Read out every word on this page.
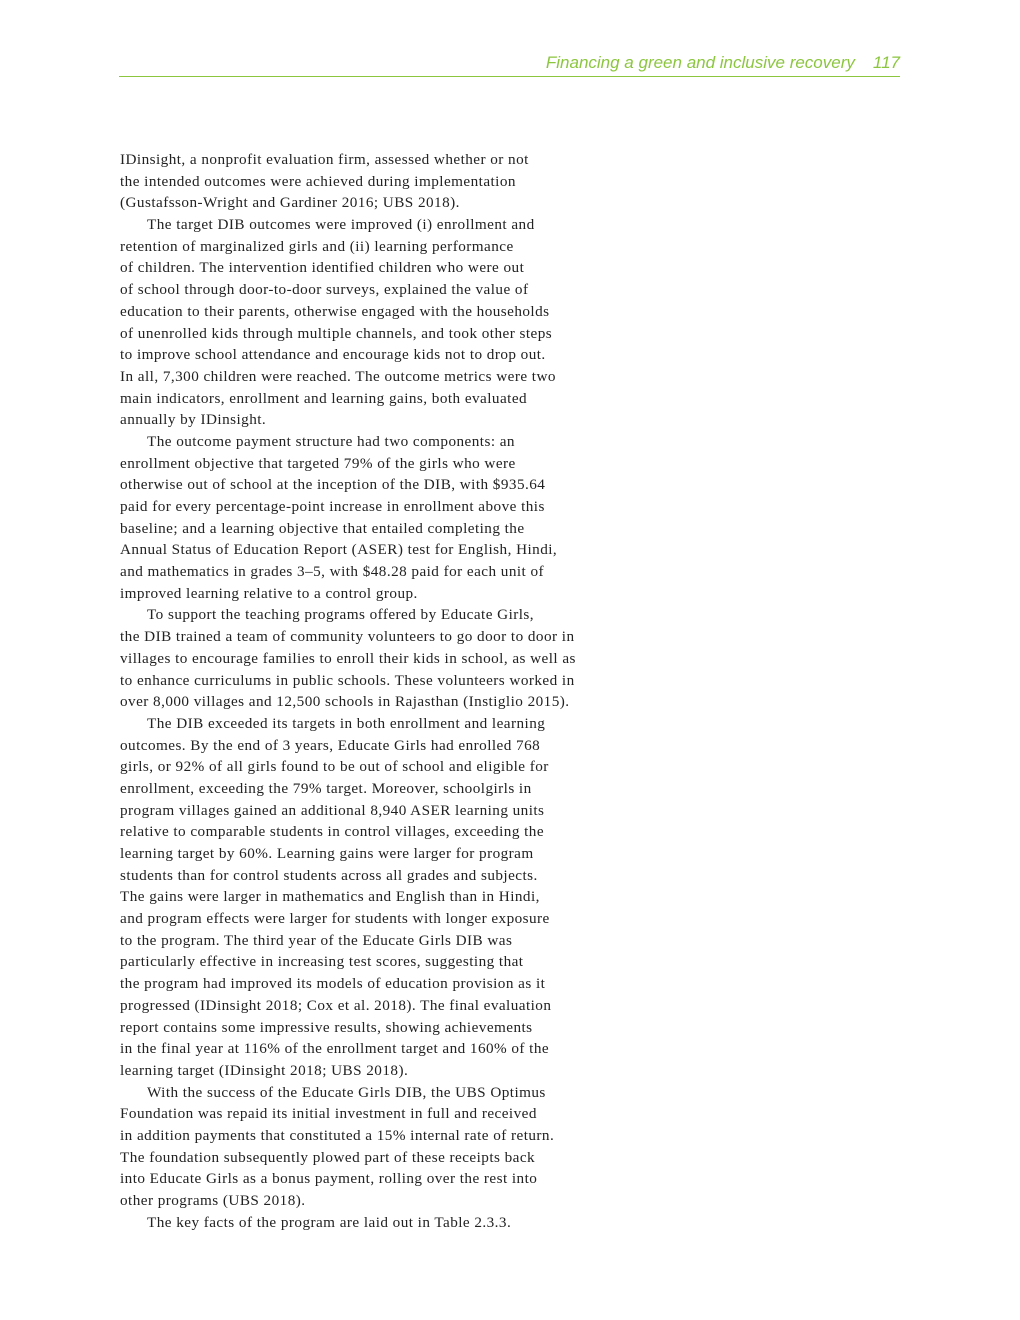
Financing a green and inclusive recovery 117
IDinsight, a nonprofit evaluation firm, assessed whether or not
the intended outcomes were achieved during implementation
(Gustafsson-Wright and Gardiner 2016; UBS 2018).
The target DIB outcomes were improved (i) enrollment and
retention of marginalized girls and (ii) learning performance
of children. The intervention identified children who were out
of school through door-to-door surveys, explained the value of
education to their parents, otherwise engaged with the households
of unenrolled kids through multiple channels, and took other steps
to improve school attendance and encourage kids not to drop out.
In all, 7,300 children were reached. The outcome metrics were two
main indicators, enrollment and learning gains, both evaluated
annually by IDinsight.
The outcome payment structure had two components: an
enrollment objective that targeted 79% of the girls who were
otherwise out of school at the inception of the DIB, with $935.64
paid for every percentage-point increase in enrollment above this
baseline; and a learning objective that entailed completing the
Annual Status of Education Report (ASER) test for English, Hindi,
and mathematics in grades 3–5, with $48.28 paid for each unit of
improved learning relative to a control group.
To support the teaching programs offered by Educate Girls,
the DIB trained a team of community volunteers to go door to door in
villages to encourage families to enroll their kids in school, as well as
to enhance curriculums in public schools. These volunteers worked in
over 8,000 villages and 12,500 schools in Rajasthan (Instiglio 2015).
The DIB exceeded its targets in both enrollment and learning
outcomes. By the end of 3 years, Educate Girls had enrolled 768
girls, or 92% of all girls found to be out of school and eligible for
enrollment, exceeding the 79% target. Moreover, schoolgirls in
program villages gained an additional 8,940 ASER learning units
relative to comparable students in control villages, exceeding the
learning target by 60%. Learning gains were larger for program
students than for control students across all grades and subjects.
The gains were larger in mathematics and English than in Hindi,
and program effects were larger for students with longer exposure
to the program. The third year of the Educate Girls DIB was
particularly effective in increasing test scores, suggesting that
the program had improved its models of education provision as it
progressed (IDinsight 2018; Cox et al. 2018). The final evaluation
report contains some impressive results, showing achievements
in the final year at 116% of the enrollment target and 160% of the
learning target (IDinsight 2018; UBS 2018).
With the success of the Educate Girls DIB, the UBS Optimus
Foundation was repaid its initial investment in full and received
in addition payments that constituted a 15% internal rate of return.
The foundation subsequently plowed part of these receipts back
into Educate Girls as a bonus payment, rolling over the rest into
other programs (UBS 2018).
The key facts of the program are laid out in Table 2.3.3.
